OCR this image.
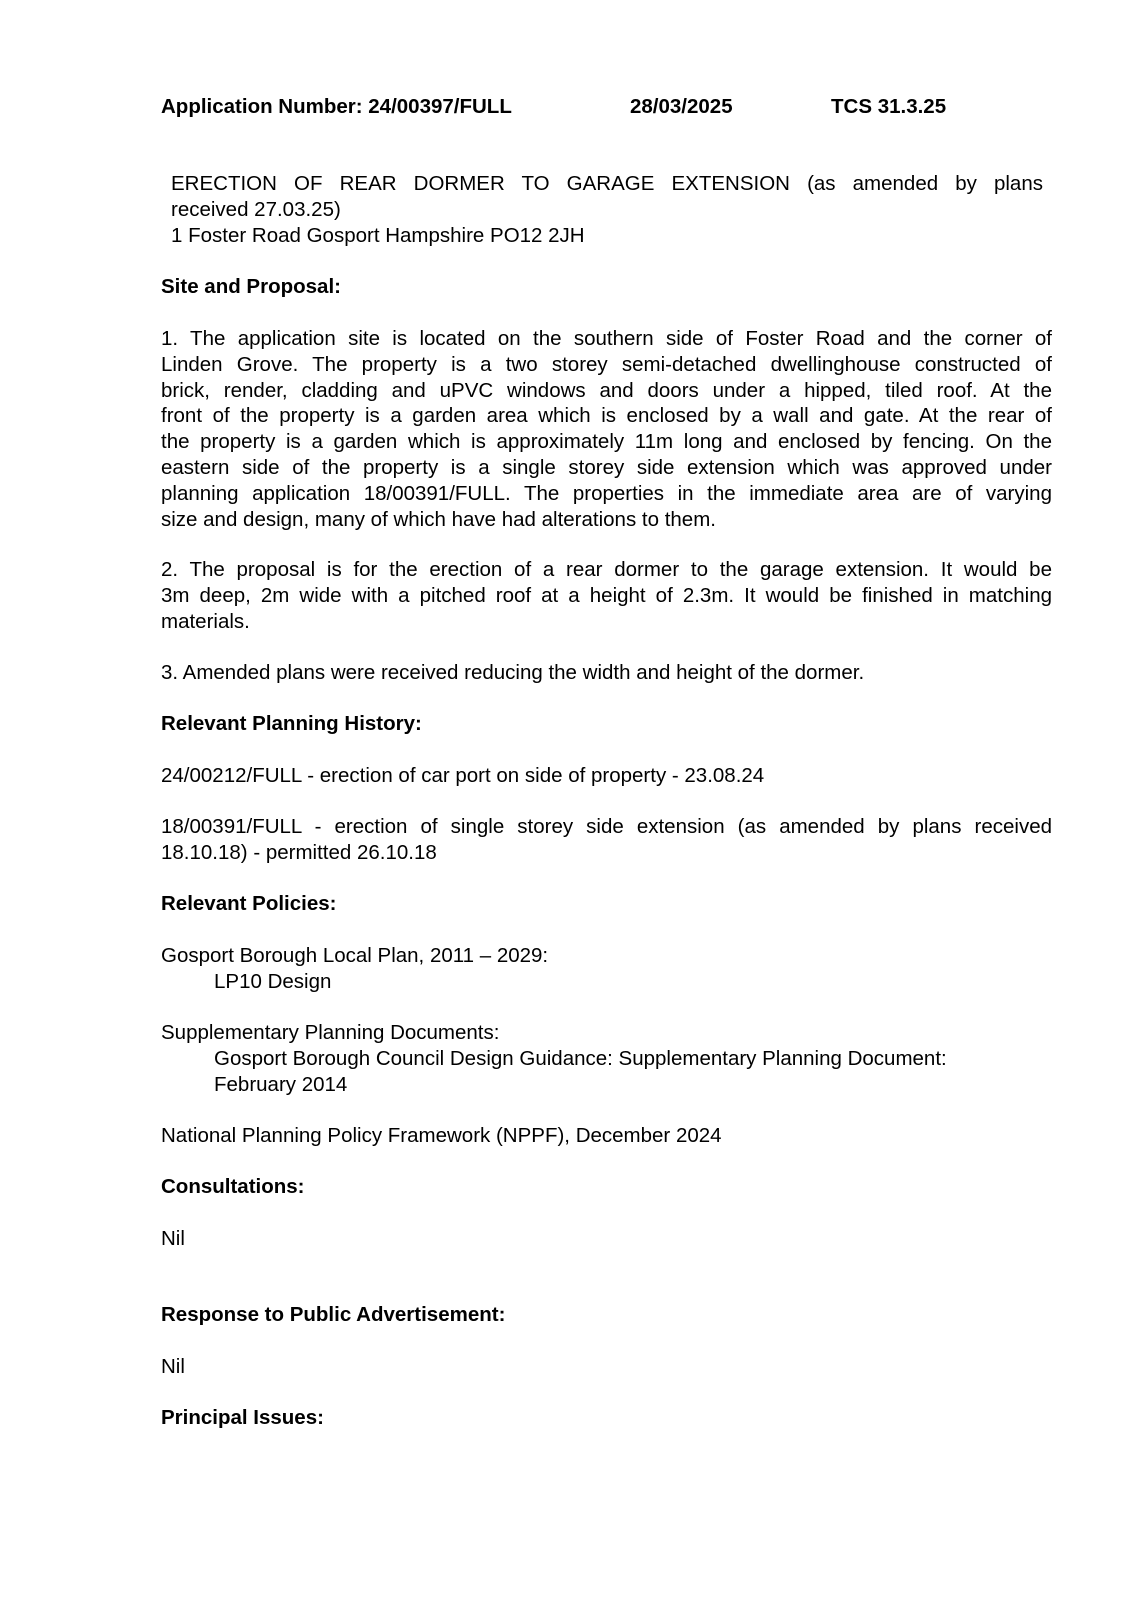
Application Number: 24/00397/FULL	28/03/2025	TCS 31.3.25
ERECTION OF REAR DORMER TO GARAGE EXTENSION (as amended by plans
received 27.03.25)
1 Foster Road Gosport Hampshire PO12 2JH
Site and Proposal:
1. The application site is located on the southern side of Foster Road and the corner of
Linden Grove. The property is a two storey semi-detached dwellinghouse constructed of
brick, render, cladding and uPVC windows and doors under a hipped, tiled roof. At the
front of the property is a garden area which is enclosed by a wall and gate. At the rear of
the property is a garden which is approximately 11m long and enclosed by fencing. On the
eastern side of the property is a single storey side extension which was approved under
planning application 18/00391/FULL. The properties in the immediate area are of varying
size and design, many of which have had alterations to them.
2. The proposal is for the erection of a rear dormer to the garage extension. It would be
3m deep, 2m wide with a pitched roof at a height of 2.3m. It would be finished in matching
materials.
3. Amended plans were received reducing the width and height of the dormer.
Relevant Planning History:
24/00212/FULL - erection of car port on side of property - 23.08.24
18/00391/FULL - erection of single storey side extension (as amended by plans received
18.10.18) - permitted 26.10.18
Relevant Policies:
Gosport Borough Local Plan, 2011 – 2029:
LP10 Design
Supplementary Planning Documents:
Gosport Borough Council Design Guidance: Supplementary Planning Document:
February 2014
National Planning Policy Framework (NPPF), December 2024
Consultations:
Nil
Response to Public Advertisement:
Nil
Principal Issues:
